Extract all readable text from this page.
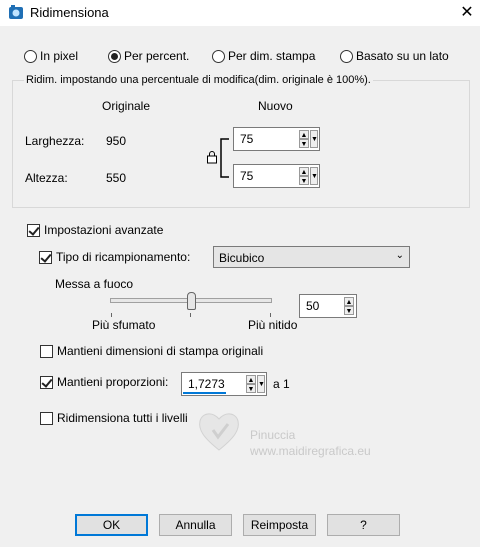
Ridimensiona	✕
In pixel	Per percent.	Per dim. stampa	Basato su un lato
Ridim. impostando una percentuale di modifica(dim. originale è 100%).
Originale	Nuovo
Larghezza: 950	75	▲
▼
▼
Altezza:	550	75	▲
▼
▼
Impostazioni avanzate
Tipo di ricampionamento: Bicubico	⌄
Messa a fuoco
Più sfumato	Più nitido
50	▲
▼
Mantieni dimensioni di stampa originali
Mantieni proporzioni: 1,7273	▲
▼
▼ a 1
Ridimensiona tutti i livelli
Pinuccia
www.maidiregrafica.eu
OK	Annulla	Reimposta	?
